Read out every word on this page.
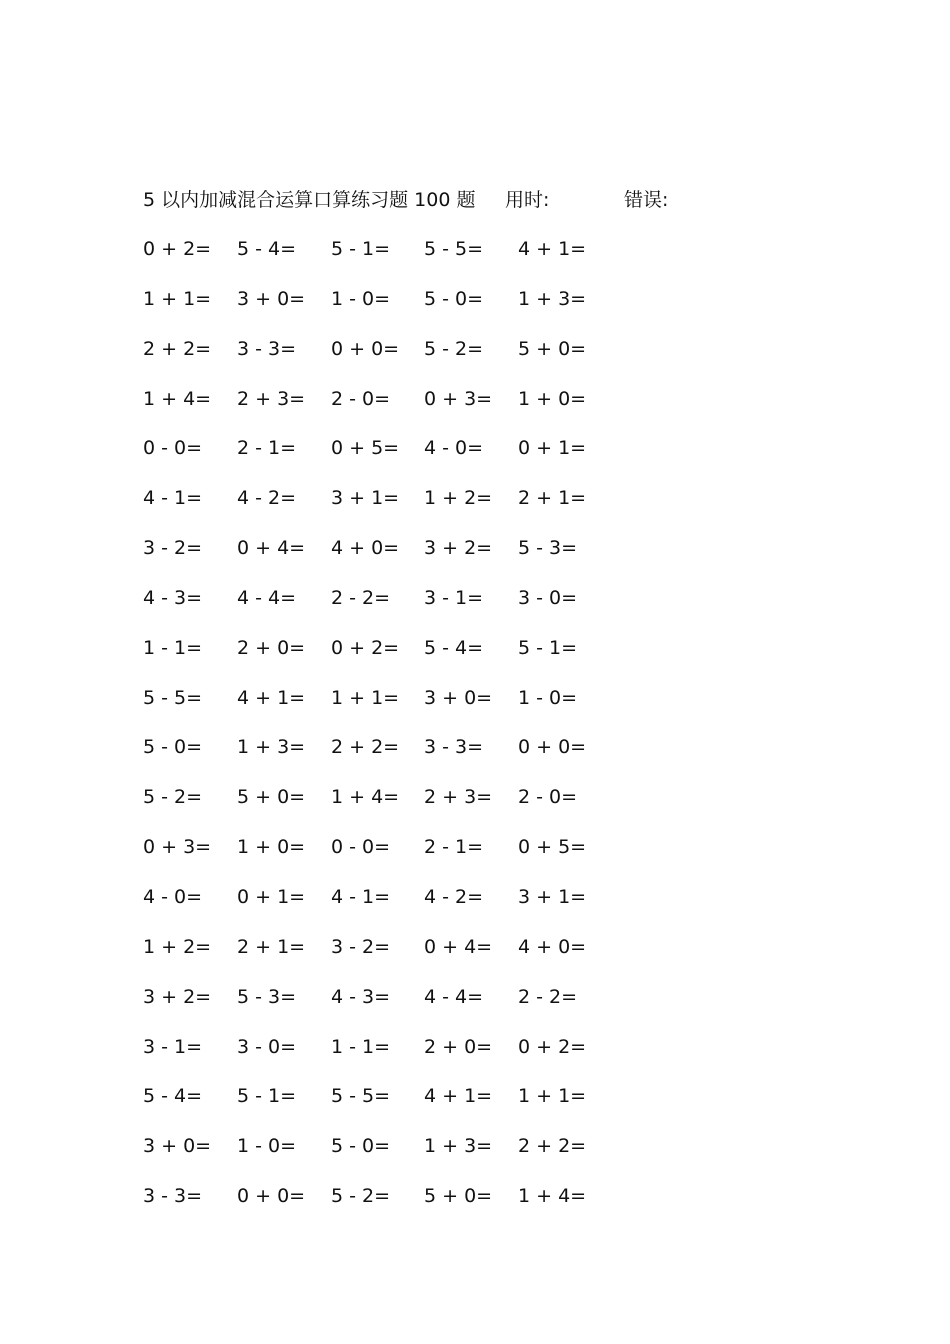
5 以内加减混合运算口算练习题 100 题 用时:	错误:
0 + 2= 5 - 4= 5 - 1= 5 - 5= 4 + 1=
1 + 1= 3 + 0= 1 - 0= 5 - 0= 1 + 3=
2 + 2= 3 - 3= 0 + 0= 5 - 2= 5 + 0=
1 + 4= 2 + 3= 2 - 0= 0 + 3= 1 + 0=
0 - 0= 2 - 1= 0 + 5= 4 - 0= 0 + 1=
4 - 1= 4 - 2= 3 + 1= 1 + 2= 2 + 1=
3 - 2= 0 + 4= 4 + 0= 3 + 2= 5 - 3=
4 - 3= 4 - 4= 2 - 2= 3 - 1= 3 - 0=
1 - 1= 2 + 0= 0 + 2= 5 - 4= 5 - 1=
5 - 5= 4 + 1= 1 + 1= 3 + 0= 1 - 0=
5 - 0= 1 + 3= 2 + 2= 3 - 3= 0 + 0=
5 - 2= 5 + 0= 1 + 4= 2 + 3= 2 - 0=
0 + 3= 1 + 0= 0 - 0= 2 - 1= 0 + 5=
4 - 0= 0 + 1= 4 - 1= 4 - 2= 3 + 1=
1 + 2= 2 + 1= 3 - 2= 0 + 4= 4 + 0=
3 + 2= 5 - 3= 4 - 3= 4 - 4= 2 - 2=
3 - 1= 3 - 0= 1 - 1= 2 + 0= 0 + 2=
5 - 4= 5 - 1= 5 - 5= 4 + 1= 1 + 1=
3 + 0= 1 - 0= 5 - 0= 1 + 3= 2 + 2=
3 - 3= 0 + 0= 5 - 2= 5 + 0= 1 + 4=
